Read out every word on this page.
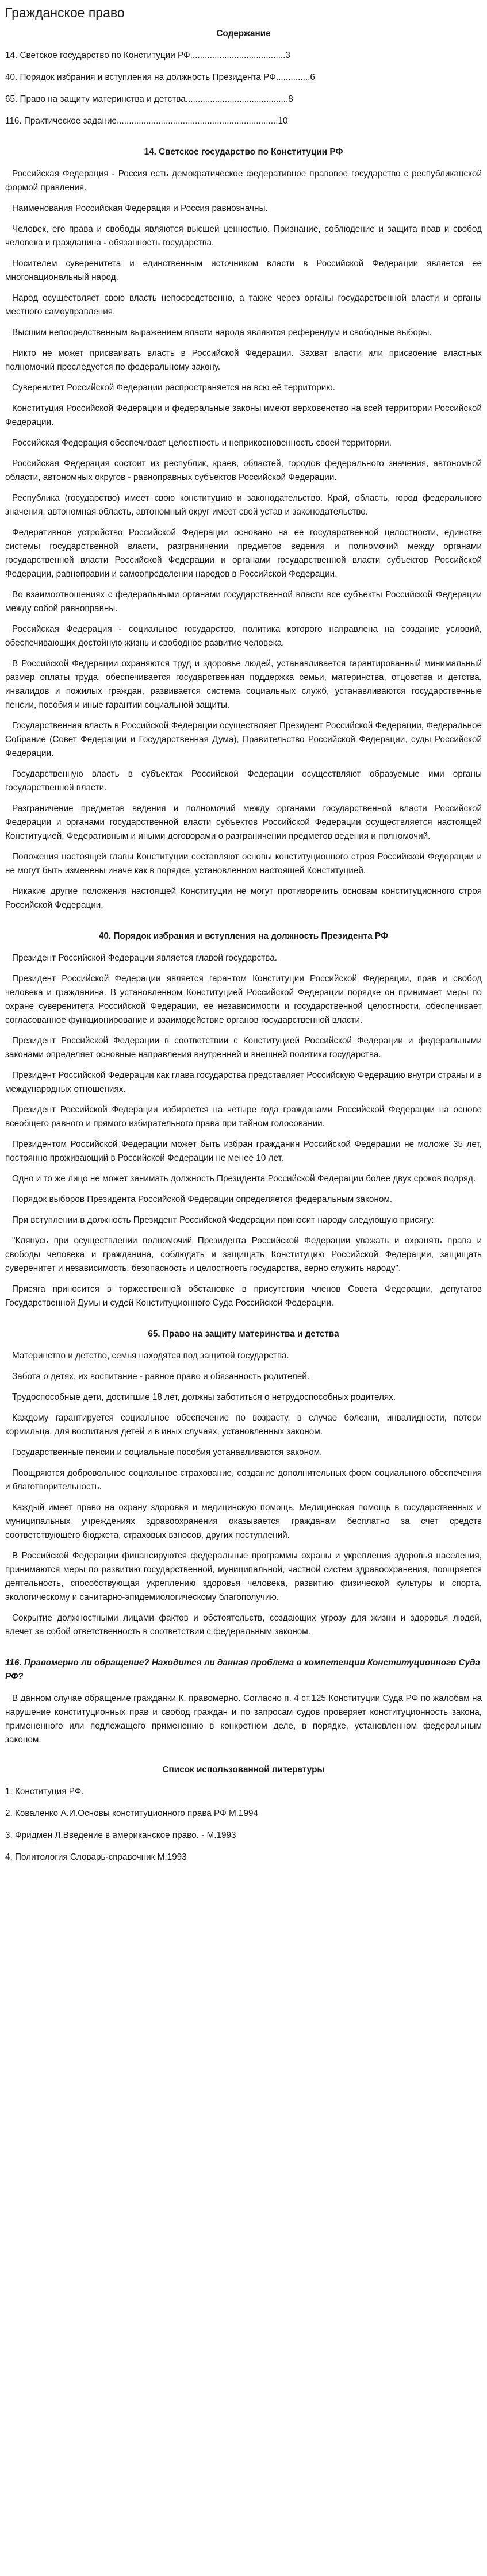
Гражданское право
Содержание
14. Светское государство по Конституции РФ.......................................3
40. Порядок избрания и вступления на должность Президента РФ..............6
65. Право на защиту материнства и детства..........................................8
116. Практическое задание..................................................................10
14. Светское государство по Конституции РФ

Российская Федерация - Россия есть демократическое федеративное правовое государство с республиканской формой правления.

Наименования Российская Федерация и Россия равнозначны.

Человек, его права и свободы являются высшей ценностью. Признание, соблюдение и защита прав и свобод человека и гражданина - обязанность государства.

Носителем суверенитета и единственным источником власти в Российской Федерации является ее многонациональный народ.

Народ осуществляет свою власть непосредственно, а также через органы государственной власти и органы местного самоуправления.

Высшим непосредственным выражением власти народа являются референдум и свободные выборы.

Никто не может присваивать власть в Российской Федерации. Захват власти или присвоение властных полномочий преследуется по федеральному закону.

Суверенитет Российской Федерации распространяется на всю её территорию.

Конституция Российской Федерации и федеральные законы имеют верховенство на всей территории Российской Федерации.

Российская Федерация обеспечивает целостность и неприкосновенность своей территории.

Российская Федерация состоит из республик, краев, областей, городов федерального значения, автономной области, автономных округов - равноправных субъектов Российской Федерации.

Республика (государство) имеет свою конституцию и законодательство. Край, область, город федерального значения, автономная область, автономный округ имеет свой устав и законодательство.

Федеративное устройство Российской Федерации основано на ее государственной целостности, единстве системы государственной власти, разграничении предметов ведения и полномочий между органами государственной власти Российской Федерации и органами государственной власти субъектов Российской Федерации, равноправии и самоопределении народов в Российской Федерации.

Во взаимоотношениях с федеральными органами государственной власти все субъекты Российской Федерации между собой равноправны.

Российская Федерация - социальное государство, политика которого направлена на создание условий, обеспечивающих достойную жизнь и свободное развитие человека.

В Российской Федерации охраняются труд и здоровье людей, устанавливается гарантированный минимальный размер оплаты труда, обеспечивается государственная поддержка семьи, материнства, отцовства и детства, инвалидов и пожилых граждан, развивается система социальных служб, устанавливаются государственные пенсии, пособия и иные гарантии социальной защиты.

Государственная власть в Российской Федерации осуществляет Президент Российской Федерации, Федеральное Собрание (Совет Федерации и Государственная Дума), Правительство Российской Федерации, суды Российской Федерации.

Государственную власть в субъектах Российской Федерации осуществляют образуемые ими органы государственной власти.

Разграничение предметов ведения и полномочий между органами государственной власти Российской Федерации и органами государственной власти субъектов Российской Федерации осуществляется настоящей Конституцией, Федеративным и иными договорами о разграничении предметов ведения и полномочий.

Положения настоящей главы Конституции составляют основы конституционного строя Российской Федерации и не могут быть изменены иначе как в порядке, установленном настоящей Конституцией.

Никакие другие положения настоящей Конституции не могут противоречить основам конституционного строя Российской Федерации.

40. Порядок избрания и вступления на должность Президента РФ

Президент Российской Федерации является главой государства.

Президент Российской Федерации является гарантом Конституции Российской Федерации, прав и свобод человека и гражданина. В установленном Конституцией Российской Федерации порядке он принимает меры по охране суверенитета Российской Федерации, ее независимости и государственной целостности, обеспечивает согласованное функционирование и взаимодействие органов государственной власти.

Президент Российской Федерации в соответствии с Конституцией Российской Федерации и федеральными законами определяет основные направления внутренней и внешней политики государства.

Президент Российской Федерации как глава государства представляет Российскую Федерацию внутри страны и в международных отношениях.

Президент Российской Федерации избирается на четыре года гражданами Российской Федерации на основе всеобщего равного и прямого избирательного права при тайном голосовании.

Президентом Российской Федерации может быть избран гражданин Российской Федерации не моложе 35 лет, постоянно проживающий в Российской Федерации не менее 10 лет.

Одно и то же лицо не может занимать должность Президента Российской Федерации более двух сроков подряд.

Порядок выборов Президента Российской Федерации определяется федеральным законом.

При вступлении в должность Президент Российской Федерации приносит народу следующую присягу:

"Клянусь при осуществлении полномочий Президента Российской Федерации уважать и охранять права и свободы человека и гражданина, соблюдать и защищать Конституцию Российской Федерации, защищать суверенитет и независимость, безопасность и целостность государства, верно служить народу".

Присяга приносится в торжественной обстановке в присутствии членов Совета Федерации, депутатов Государственной Думы и судей Конституционного Суда Российской Федерации.

65. Право на защиту материнства и детства

Материнство и детство, семья находятся под защитой государства.

Забота о детях, их воспитание - равное право и обязанность родителей.

Трудоспособные дети, достигшие 18 лет, должны заботиться о нетрудоспособных родителях.

Каждому гарантируется социальное обеспечение по возрасту, в случае болезни, инвалидности, потери кормильца, для воспитания детей и в иных случаях, установленных законом.

Государственные пенсии и социальные пособия устанавливаются законом.

Поощряются добровольное социальное страхование, создание дополнительных форм социального обеспечения и благотворительность.

Каждый имеет право на охрану здоровья и медицинскую помощь. Медицинская помощь в государственных и муниципальных учреждениях здравоохранения оказывается гражданам бесплатно за счет средств соответствующего бюджета, страховых взносов, других поступлений.

В Российской Федерации финансируются федеральные программы охраны и укрепления здоровья населения, принимаются меры по развитию государственной, муниципальной, частной систем здравоохранения, поощряется деятельность, способствующая укреплению здоровья человека, развитию физической культуры и спорта, экологическому и санитарно-эпидемиологическому благополучию.

Сокрытие должностными лицами фактов и обстоятельств, создающих угрозу для жизни и здоровья людей, влечет за собой ответственность в соответствии с федеральным законом.

116. Правомерно ли обращение? Находится ли данная проблема в компетенции Конституционного Суда РФ?

В данном случае обращение гражданки К. правомерно. Согласно п. 4 ст.125 Конституции Суда РФ по жалобам на нарушение конституционных прав и свобод граждан и по запросам судов проверяет конституционность закона, примененного или подлежащего применению в конкретном деле, в порядке, установленном федеральным законом.

Список использованной литературы
1. Конституция РФ.
2. Коваленко А.И.Основы конституционного права РФ М.1994
3. Фридмен Л.Введение в американское право. - М.1993
4. Политология Словарь-справочник М.1993
